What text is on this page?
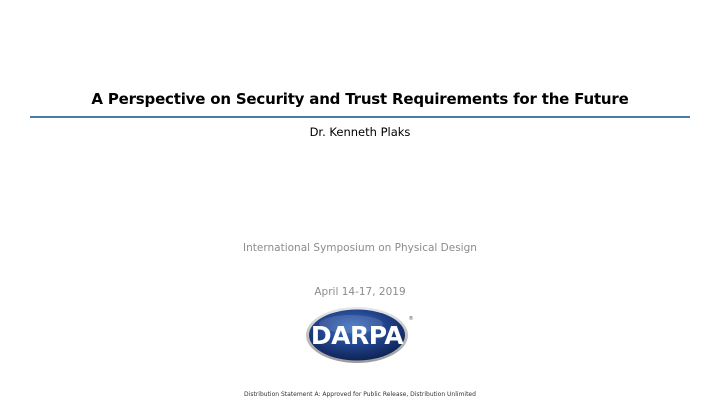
A Perspective on Security and Trust Requirements for the Future
Dr. Kenneth Plaks
International Symposium on Physical Design
April 14-17, 2019
DARPA
®
Distribution Statement A: Approved for Public Release, Distribution Unlimited
